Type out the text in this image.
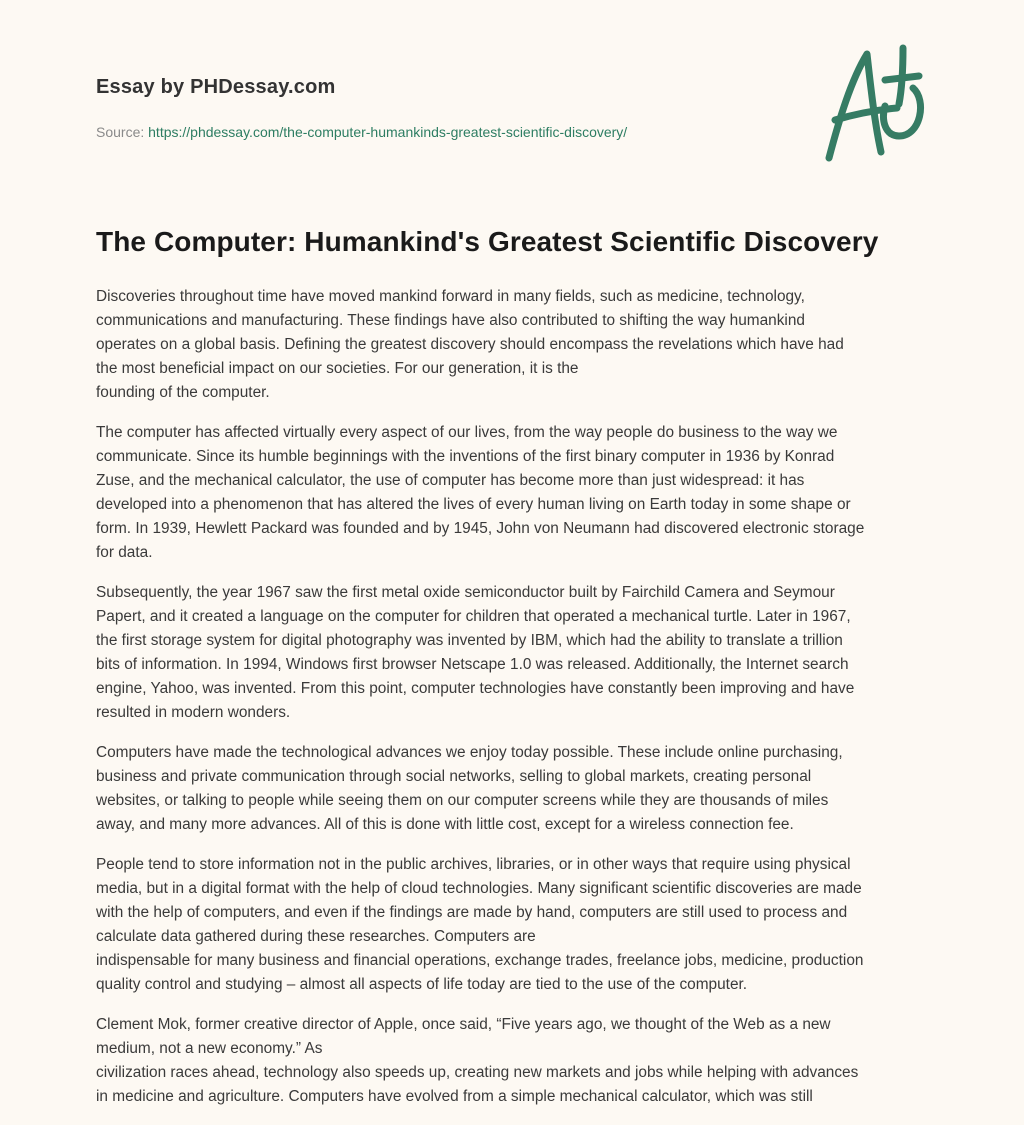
Essay by PHDessay.com
Source: https://phdessay.com/the-computer-humankinds-greatest-scientific-discovery/
The Computer: Humankind's Greatest Scientific Discovery

Discoveries throughout time have moved mankind forward in many fields, such as medicine, technology,
communications and manufacturing. These findings have also contributed to shifting the way humankind
operates on a global basis. Defining the greatest discovery should encompass the revelations which have had
the most beneficial impact on our societies. For our generation, it is the
founding of the computer.

The computer has affected virtually every aspect of our lives, from the way people do business to the way we
communicate. Since its humble beginnings with the inventions of the first binary computer in 1936 by Konrad
Zuse, and the mechanical calculator, the use of computer has become more than just widespread: it has
developed into a phenomenon that has altered the lives of every human living on Earth today in some shape or
form. In 1939, Hewlett Packard was founded and by 1945, John von Neumann had discovered electronic storage
for data.

Subsequently, the year 1967 saw the first metal oxide semiconductor built by Fairchild Camera and Seymour
Papert, and it created a language on the computer for children that operated a mechanical turtle. Later in 1967,
the first storage system for digital photography was invented by IBM, which had the ability to translate a trillion
bits of information. In 1994, Windows first browser Netscape 1.0 was released. Additionally, the Internet search
engine, Yahoo, was invented. From this point, computer technologies have constantly been improving and have
resulted in modern wonders.

Computers have made the technological advances we enjoy today possible. These include online purchasing,
business and private communication through social networks, selling to global markets, creating personal
websites, or talking to people while seeing them on our computer screens while they are thousands of miles
away, and many more advances. All of this is done with little cost, except for a wireless connection fee.

People tend to store information not in the public archives, libraries, or in other ways that require using physical
media, but in a digital format with the help of cloud technologies. Many significant scientific discoveries are made
with the help of computers, and even if the findings are made by hand, computers are still used to process and
calculate data gathered during these researches. Computers are
indispensable for many business and financial operations, exchange trades, freelance jobs, medicine, production
quality control and studying – almost all aspects of life today are tied to the use of the computer.

Clement Mok, former creative director of Apple, once said, “Five years ago, we thought of the Web as a new
medium, not a new economy.” As
civilization races ahead, technology also speeds up, creating new markets and jobs while helping with advances
in medicine and agriculture. Computers have evolved from a simple mechanical calculator, which was still
